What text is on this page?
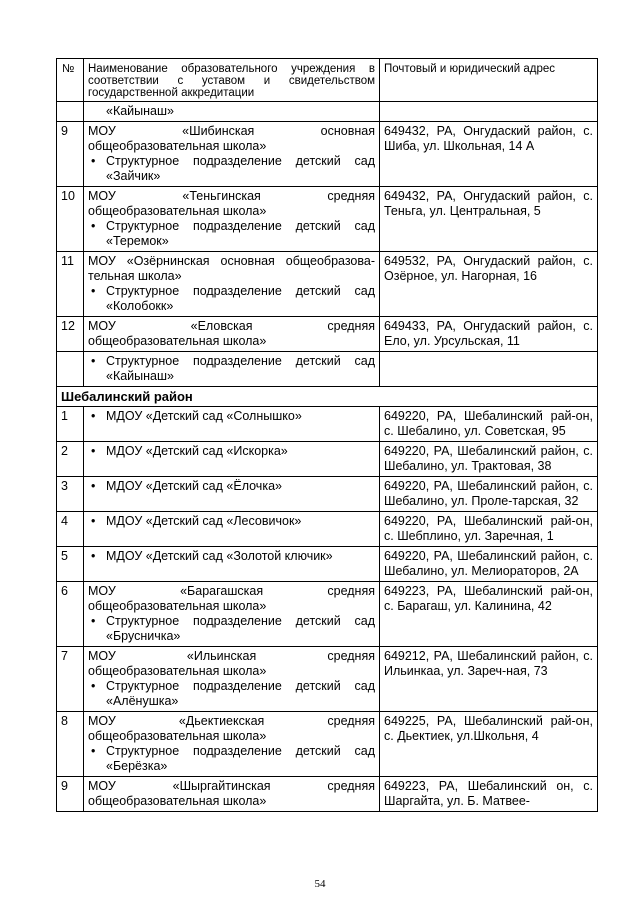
№	Наименование образовательного учреждения в соответствии с уставом и свидетельством государственной аккредитации	Почтовый и юридический адрес

	«Кайынаш»	

9	МОУ «Шибинская основная
общеобразовательная школа»
• Структурное подразделение детский сад «Зайчик»	649432, РА, Онгудаский район, с. Шиба, ул. Школьная, 14 А
10	МОУ «Теньгинская средняя
общеобразовательная школа»
• Структурное подразделение детский сад «Теремок»	649432, РА, Онгудаский район, с. Теньга, ул. Центральная, 5
11	МОУ «Озёрнинская основная общеобразова-
тельная школа»
• Структурное подразделение детский сад «Колобокк»	649532, РА, Онгудаский район, с. Озёрное, ул. Нагорная, 16
12	МОУ «Еловская средняя
общеобразовательная школа»	649433, РА, Онгудаский район, с. Ело, ул. Урсульская, 11

	• Структурное подразделение детский сад «Кайынаш»	

Шебалинский район		
1	• МДОУ «Детский сад «Солнышко»	649220, РА, Шебалинский рай-он, с. Шебалино, ул. Советская, 95
2	• МДОУ «Детский сад «Искорка»	649220, РА, Шебалинский район, с. Шебалино, ул. Трактовая, 38
3	• МДОУ «Детский сад «Ёлочка»	649220, РА, Шебалинский район, с. Шебалино, ул. Проле-тарская, 32
4	• МДОУ «Детский сад «Лесовичок»	649220, РА, Шебалинский рай-он, с. Шебплино, ул. Заречная, 1
5	• МДОУ «Детский сад «Золотой ключик»	649220, РА, Шебалинский район, с. Шебалино, ул. Мелиораторов, 2А
6	МОУ «Барагашская средняя
общеобразовательная школа»
• Структурное подразделение детский сад «Брусничка»	649223, РА, Шебалинский рай-он, с. Барагаш, ул. Калинина, 42
7	МОУ «Ильинская средняя
общеобразовательная школа»
• Структурное подразделение детский сад «Алёнушка»	649212, РА, Шебалинский район, с. Ильинкаа, ул. Зареч-ная, 73
8	МОУ «Дьектиекская средняя
общеобразовательная школа»
• Структурное подразделение детский сад «Берёзка»	649225, РА, Шебалинский рай-он, с. Дьектиек, ул.Школьня, 4
9	МОУ «Шыргайтинская средняя
общеобразовательная школа»	649223, РА, Шебалинский он, с. Шаргайта, ул. Б. Матвее-
54
